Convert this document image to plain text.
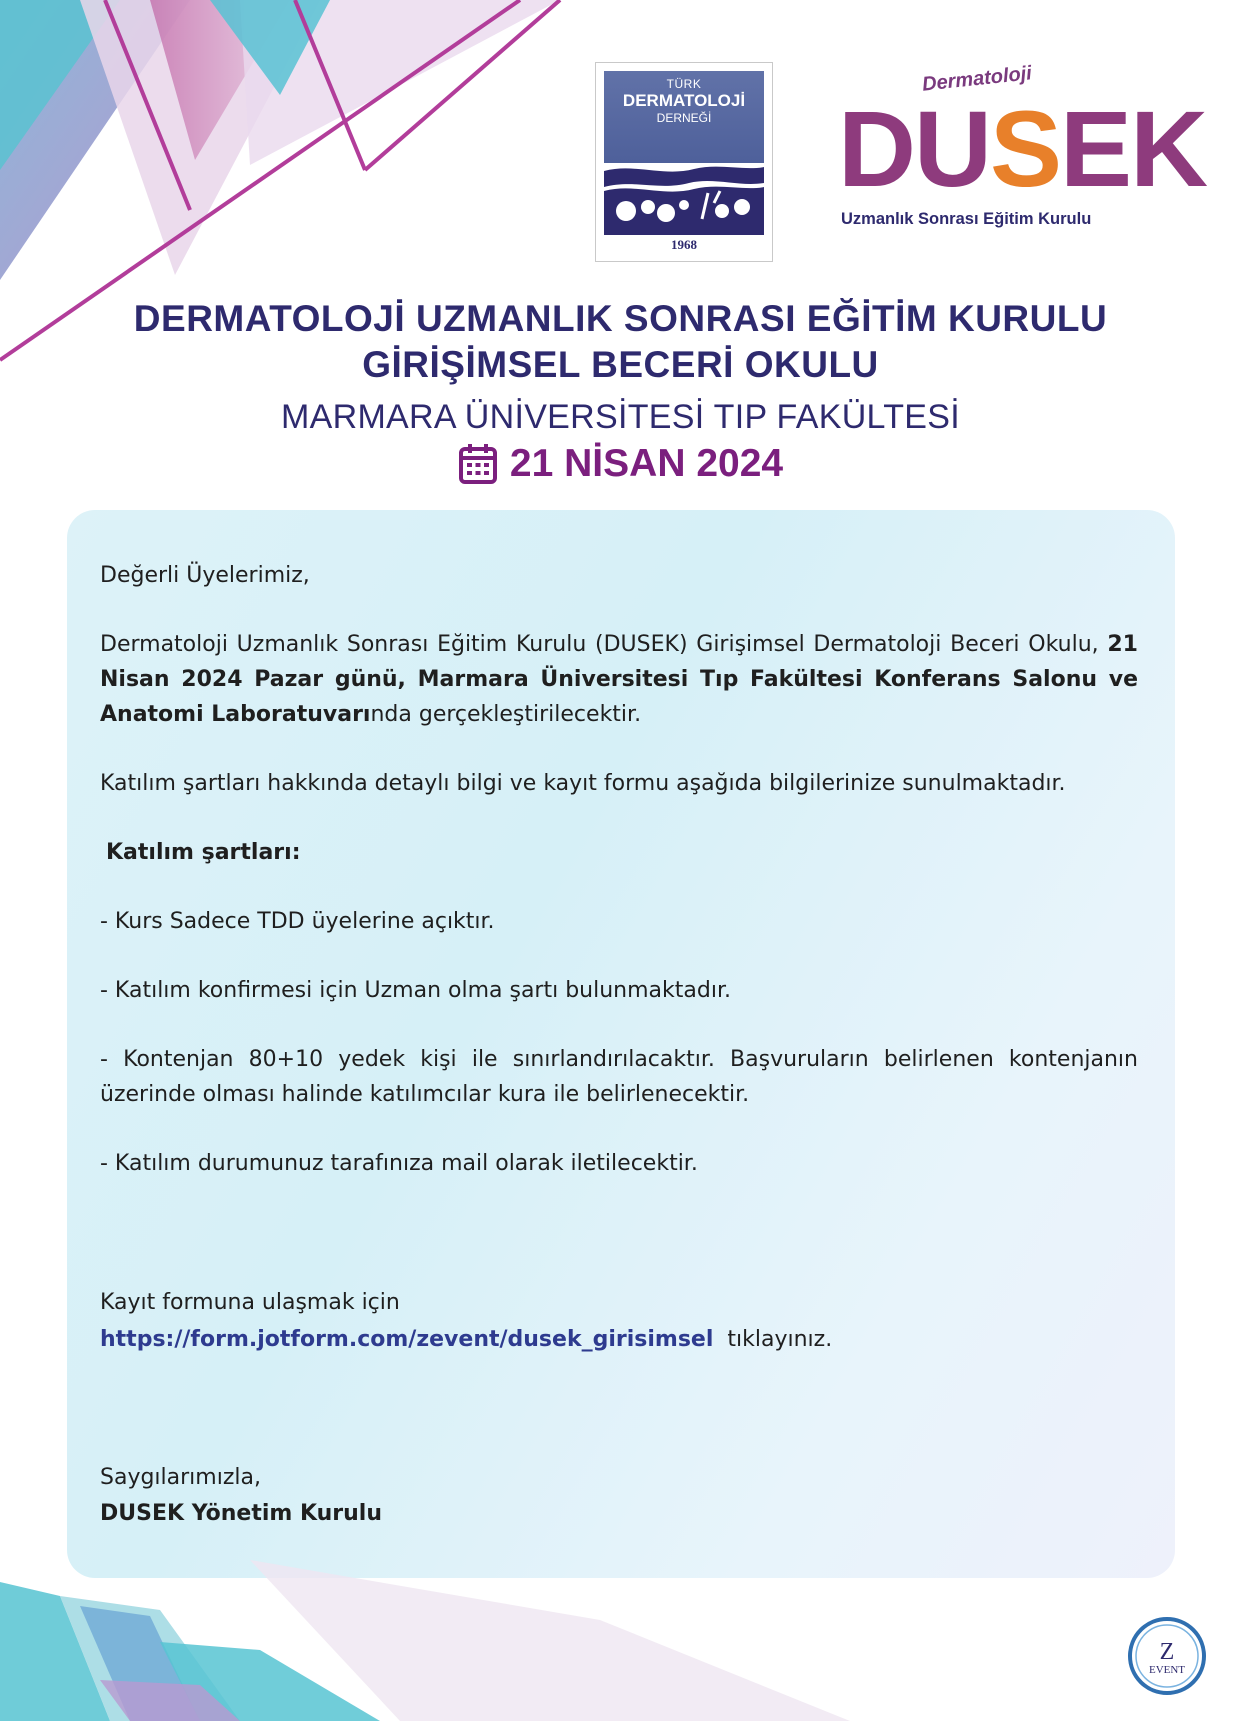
TÜRK
DERMATOLOJİ
DERNEĞİ
1968
Dermatoloji
DUSEK
Uzmanlık Sonrası Eğitim Kurulu
DERMATOLOJİ UZMANLIK SONRASI EĞİTİM KURULU
GİRİŞİMSEL BECERİ OKULU
MARMARA ÜNİVERSİTESİ TIP FAKÜLTESİ
21 NİSAN 2024
Değerli Üyelerimiz,
Dermatoloji Uzmanlık Sonrası Eğitim Kurulu (DUSEK) Girişimsel Dermatoloji Beceri Okulu, 21 Nisan 2024 Pazar günü, Marmara Üniversitesi Tıp Fakültesi Konferans Salonu ve Anatomi Laboratuvarında gerçekleştirilecektir.
Katılım şartları hakkında detaylı bilgi ve kayıt formu aşağıda bilgilerinize sunulmaktadır.
Katılım şartları:
- Kurs Sadece TDD üyelerine açıktır.
- Katılım konfirmesi için Uzman olma şartı bulunmaktadır.
- Kontenjan 80+10 yedek kişi ile sınırlandırılacaktır. Başvuruların belirlenen kontenjanın üzerinde olması halinde katılımcılar kura ile belirlenecektir.
- Katılım durumunuz tarafınıza mail olarak iletilecektir.
Kayıt formuna ulaşmak için
https://form.jotform.com/zevent/dusek_girisimsel tıklayınız.
Saygılarımızla,
DUSEK Yönetim Kurulu
Z
EVENT
